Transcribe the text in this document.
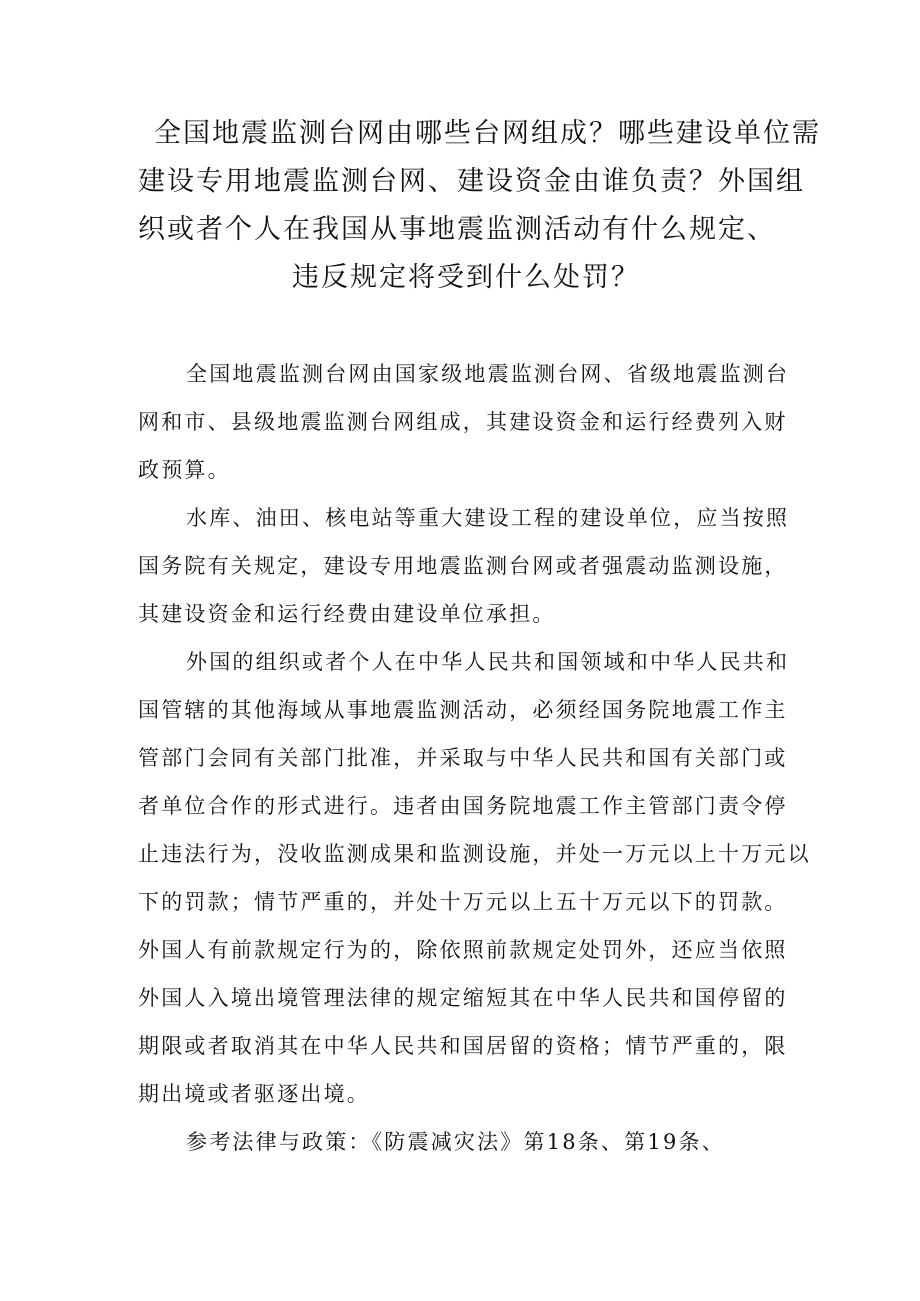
全国地震监测台网由哪些台网组成？哪些建设单位需
建设专用地震监测台网、建设资金由谁负责？外国组
织或者个人在我国从事地震监测活动有什么规定、
违反规定将受到什么处罚？
全国地震监测台网由国家级地震监测台网、省级地震监测台
网和市、县级地震监测台网组成，其建设资金和运行经费列入财
政预算。
水库、油田、核电站等重大建设工程的建设单位，应当按照
国务院有关规定，建设专用地震监测台网或者强震动监测设施，
其建设资金和运行经费由建设单位承担。
外国的组织或者个人在中华人民共和国领域和中华人民共和
国管辖的其他海域从事地震监测活动，必须经国务院地震工作主
管部门会同有关部门批准，并采取与中华人民共和国有关部门或
者单位合作的形式进行。违者由国务院地震工作主管部门责令停
止违法行为，没收监测成果和监测设施，并处一万元以上十万元以
下的罚款；情节严重的，并处十万元以上五十万元以下的罚款。
外国人有前款规定行为的，除依照前款规定处罚外，还应当依照
外国人入境出境管理法律的规定缩短其在中华人民共和国停留的
期限或者取消其在中华人民共和国居留的资格；情节严重的，限
期出境或者驱逐出境。

参考法律与政策：《防震减灾法》第18条、第19条、
